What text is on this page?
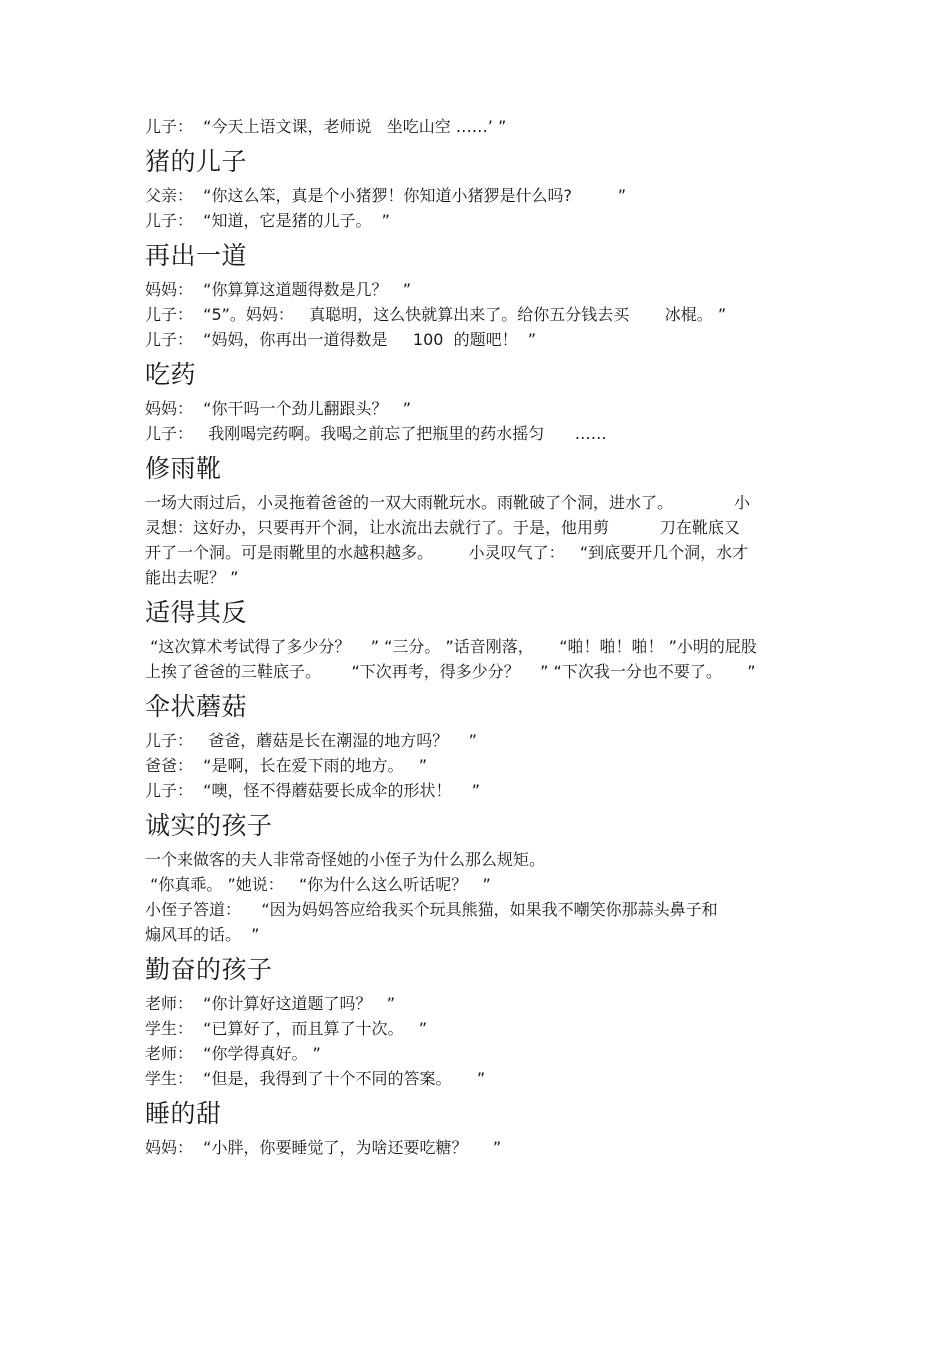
儿子：  “今天上语文课，老师说   坐吃山空 ……’ ”

猪的儿子

父亲：  “你这么笨，真是个小猪猡！你知道小猪猡是什么吗?         ”

儿子：  “知道，它是猪的儿子。  ”

再出一道

妈妈：  “你算算这道题得数是几？   ”

儿子：  “5”。妈妈：   真聪明，这么快就算出来了。给你五分钱去买       冰棍。 ”

儿子：  “妈妈，你再出一道得数是     100  的题吧！  ”

吃药

妈妈：  “你干吗一个劲儿翻跟头？   ”

儿子：   我刚喝完药啊。我喝之前忘了把瓶里的药水摇匀      ……

修雨靴

一场大雨过后，小灵拖着爸爸的一双大雨靴玩水。雨靴破了个洞，进水了。            小

灵想：这好办，只要再开个洞，让水流出去就行了。于是，他用剪          刀在靴底又

开了一个洞。可是雨靴里的水越积越多。       小灵叹气了：   “到底要开几个洞，水才

能出去呢？ ”

适得其反

“这次算术考试得了多少分？    ” “三分。 ”话音刚落，     “啪！啪！啪！ ”小明的屁股

上挨了爸爸的三鞋底子。      “下次再考，得多少分？    ” “下次我一分也不要了。     ”

伞状蘑菇

儿子：   爸爸，蘑菇是长在潮湿的地方吗？    ”

爸爸：  “是啊，长在爱下雨的地方。   ”

儿子：  “噢，怪不得蘑菇要长成伞的形状！    ”

诚实的孩子

一个来做客的夫人非常奇怪她的小侄子为什么那么规矩。

“你真乖。 ”她说：   “你为什么这么听话呢？   ”

小侄子答道：    “因为妈妈答应给我买个玩具熊猫，如果我不嘲笑你那蒜头鼻子和

煽风耳的话。  ”

勤奋的孩子

老师：  “你计算好这道题了吗？   ”

学生：  “已算好了，而且算了十次。   ”

老师：  “你学得真好。 ”

学生：  “但是，我得到了十个不同的答案。     ”

睡的甜

妈妈：  “小胖，你要睡觉了，为啥还要吃糖？     ”
